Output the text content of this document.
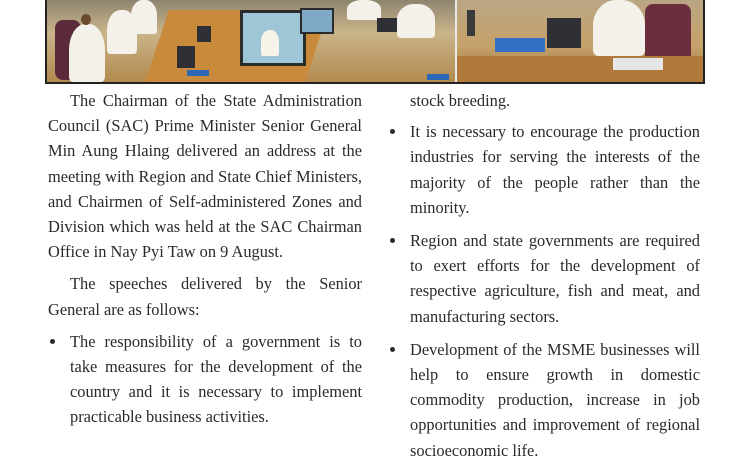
The Chairman of the State Administration Council (SAC) Prime Minister Senior General Min Aung Hlaing delivered an address at the meeting with Region and State Chief Ministers, and Chairmen of Self-administered Zones and Division which was held at the SAC Chairman Office in Nay Pyi Taw on 9 August.

The speeches delivered by the Senior General are as follows:

The responsibility of a government is to take measures for the development of the country and it is necessary to implement practicable business activities.
stock breeding.
It is necessary to encourage the production industries for serving the interests of the majority of the people rather than the minority.
Region and state governments are required to exert efforts for the development of respective agriculture, fish and meat, and manufacturing sectors.
Development of the MSME businesses will help to ensure growth in domestic commodity production, increase in job opportunities and improvement of regional socioeconomic life.
